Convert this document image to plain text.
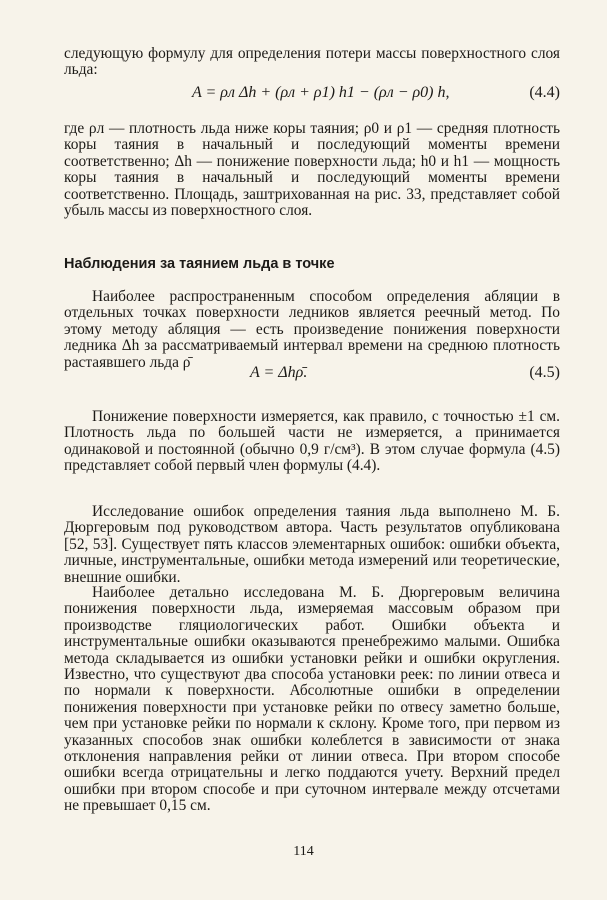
следующую формулу для определения потери массы поверхностного слоя льда:

A = ρл Δh + (ρл + ρ1) h1 − (ρл − ρ0) h,	(4.4)

где ρл — плотность льда ниже коры таяния; ρ0 и ρ1 — средняя плотность коры таяния в начальный и последующий моменты времени соответственно; Δh — понижение поверхности льда; h0 и h1 — мощность коры таяния в начальный и последующий моменты времени соответственно. Площадь, заштрихованная на рис. 33, представляет собой убыль массы из поверхностного слоя.

Наблюдения за таянием льда в точке

Наиболее распространенным способом определения абляции в отдельных точках поверхности ледников является реечный метод. По этому методу абляция — есть произведение понижения поверхности ледника Δh за рассматриваемый интервал времени на среднюю плотность растаявшего льда ρ̄

A = Δhρ̄.	(4.5)

Понижение поверхности измеряется, как правило, с точностью ±1 см. Плотность льда по большей части не измеряется, а принимается одинаковой и постоянной (обычно 0,9 г/см³). В этом случае формула (4.5) представляет собой первый член формулы (4.4).

Исследование ошибок определения таяния льда выполнено М. Б. Дюргеровым под руководством автора. Часть результатов опубликована [52, 53]. Существует пять классов элементарных ошибок: ошибки объекта, личные, инструментальные, ошибки метода измерений или теоретические, внешние ошибки.

Наиболее детально исследована М. Б. Дюргеровым величина понижения поверхности льда, измеряемая массовым образом при производстве гляциологических работ. Ошибки объекта и инструментальные ошибки оказываются пренебрежимо малыми. Ошибка метода складывается из ошибки установки рейки и ошибки округления. Известно, что существуют два способа установки реек: по линии отвеса и по нормали к поверхности. Абсолютные ошибки в определении понижения поверхности при установке рейки по отвесу заметно больше, чем при установке рейки по нормали к склону. Кроме того, при первом из указанных способов знак ошибки колеблется в зависимости от знака отклонения направления рейки от линии отвеса. При втором способе ошибки всегда отрицательны и легко поддаются учету. Верхний предел ошибки при втором способе и при суточном интервале между отсчетами не превышает 0,15 см.

114
